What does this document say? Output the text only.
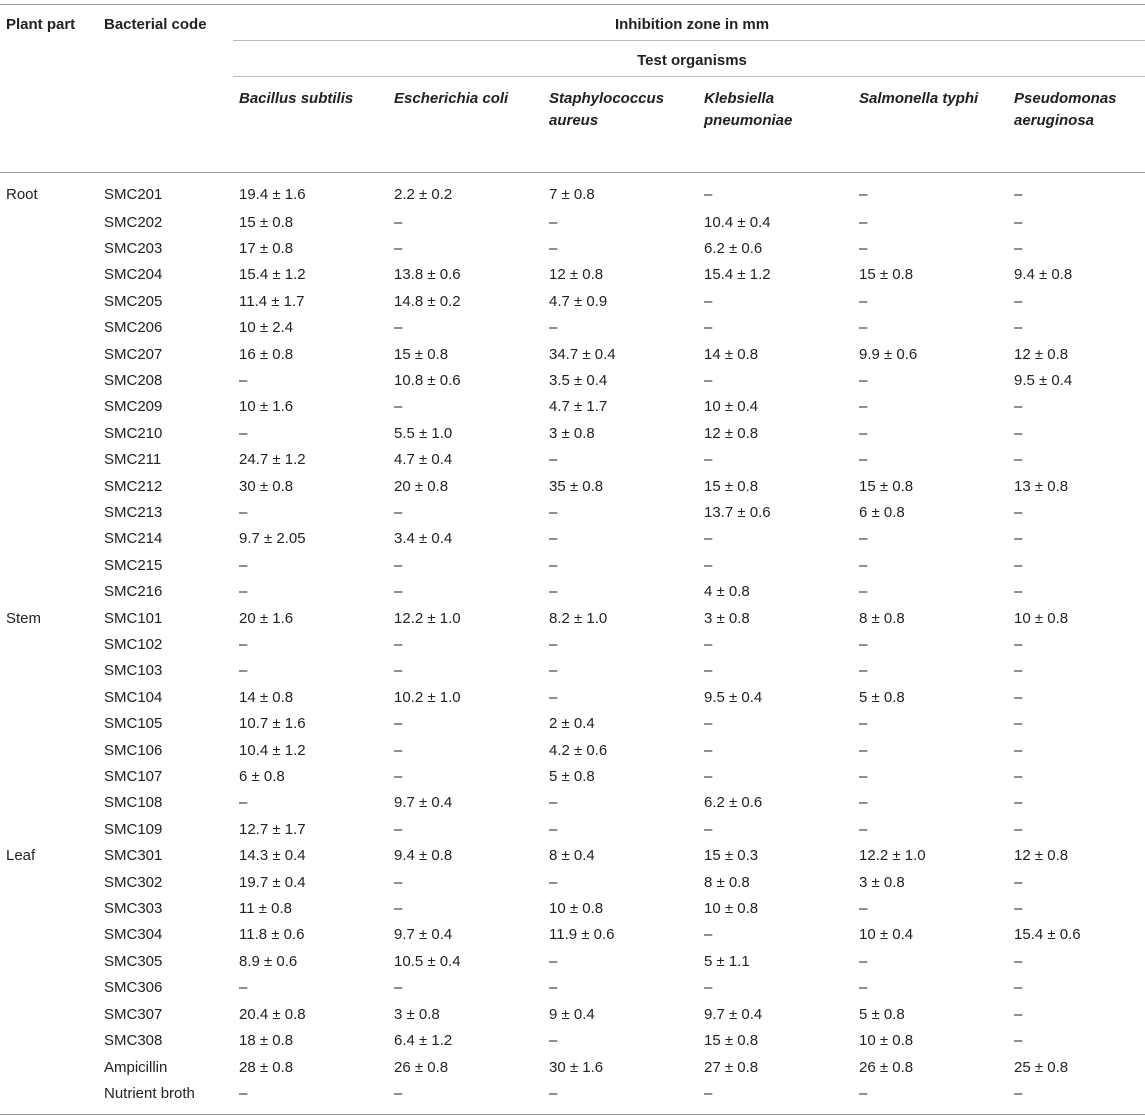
Plant part	Bacterial code	Inhibition zone in mm					
		Test organisms					
		Bacillus subtilis	Escherichia coli	Staphylococcus aureus	Klebsiella pneumoniae	Salmonella typhi	Pseudomonas aeruginosa
Root	SMC201	19.4 ± 1.6	2.2 ± 0.2	7 ± 0.8	–	–	–
	SMC202	15 ± 0.8	–	–	10.4 ± 0.4	–	–
	SMC203	17 ± 0.8	–	–	6.2 ± 0.6	–	–
	SMC204	15.4 ± 1.2	13.8 ± 0.6	12 ± 0.8	15.4 ± 1.2	15 ± 0.8	9.4 ± 0.8
	SMC205	11.4 ± 1.7	14.8 ± 0.2	4.7 ± 0.9	–	–	–
	SMC206	10 ± 2.4	–	–	–	–	–
	SMC207	16 ± 0.8	15 ± 0.8	34.7 ± 0.4	14 ± 0.8	9.9 ± 0.6	12 ± 0.8
	SMC208	–	10.8 ± 0.6	3.5 ± 0.4	–	–	9.5 ± 0.4
	SMC209	10 ± 1.6	–	4.7 ± 1.7	10 ± 0.4	–	–
	SMC210	–	5.5 ± 1.0	3 ± 0.8	12 ± 0.8	–	–
	SMC211	24.7 ± 1.2	4.7 ± 0.4	–	–	–	–
	SMC212	30 ± 0.8	20 ± 0.8	35 ± 0.8	15 ± 0.8	15 ± 0.8	13 ± 0.8
	SMC213	–	–	–	13.7 ± 0.6	6 ± 0.8	–
	SMC214	9.7 ± 2.05	3.4 ± 0.4	–	–	–	–
	SMC215	–	–	–	–	–	–
	SMC216	–	–	–	4 ± 0.8	–	–
Stem	SMC101	20 ± 1.6	12.2 ± 1.0	8.2 ± 1.0	3 ± 0.8	8 ± 0.8	10 ± 0.8
	SMC102	–	–	–	–	–	–
	SMC103	–	–	–	–	–	–
	SMC104	14 ± 0.8	10.2 ± 1.0	–	9.5 ± 0.4	5 ± 0.8	–
	SMC105	10.7 ± 1.6	–	2 ± 0.4	–	–	–
	SMC106	10.4 ± 1.2	–	4.2 ± 0.6	–	–	–
	SMC107	6 ± 0.8	–	5 ± 0.8	–	–	–
	SMC108	–	9.7 ± 0.4	–	6.2 ± 0.6	–	–
	SMC109	12.7 ± 1.7	–	–	–	–	–
Leaf	SMC301	14.3 ± 0.4	9.4 ± 0.8	8 ± 0.4	15 ± 0.3	12.2 ± 1.0	12 ± 0.8
	SMC302	19.7 ± 0.4	–	–	8 ± 0.8	3 ± 0.8	–
	SMC303	11 ± 0.8	–	10 ± 0.8	10 ± 0.8	–	–
	SMC304	11.8 ± 0.6	9.7 ± 0.4	11.9 ± 0.6	–	10 ± 0.4	15.4 ± 0.6
	SMC305	8.9 ± 0.6	10.5 ± 0.4	–	5 ± 1.1	–	–
	SMC306	–	–	–	–	–	–
	SMC307	20.4 ± 0.8	3 ± 0.8	9 ± 0.4	9.7 ± 0.4	5 ± 0.8	–
	SMC308	18 ± 0.8	6.4 ± 1.2	–	15 ± 0.8	10 ± 0.8	–
	Ampicillin	28 ± 0.8	26 ± 0.8	30 ± 1.6	27 ± 0.8	26 ± 0.8	25 ± 0.8
	Nutrient broth	–	–	–	–	–	–
